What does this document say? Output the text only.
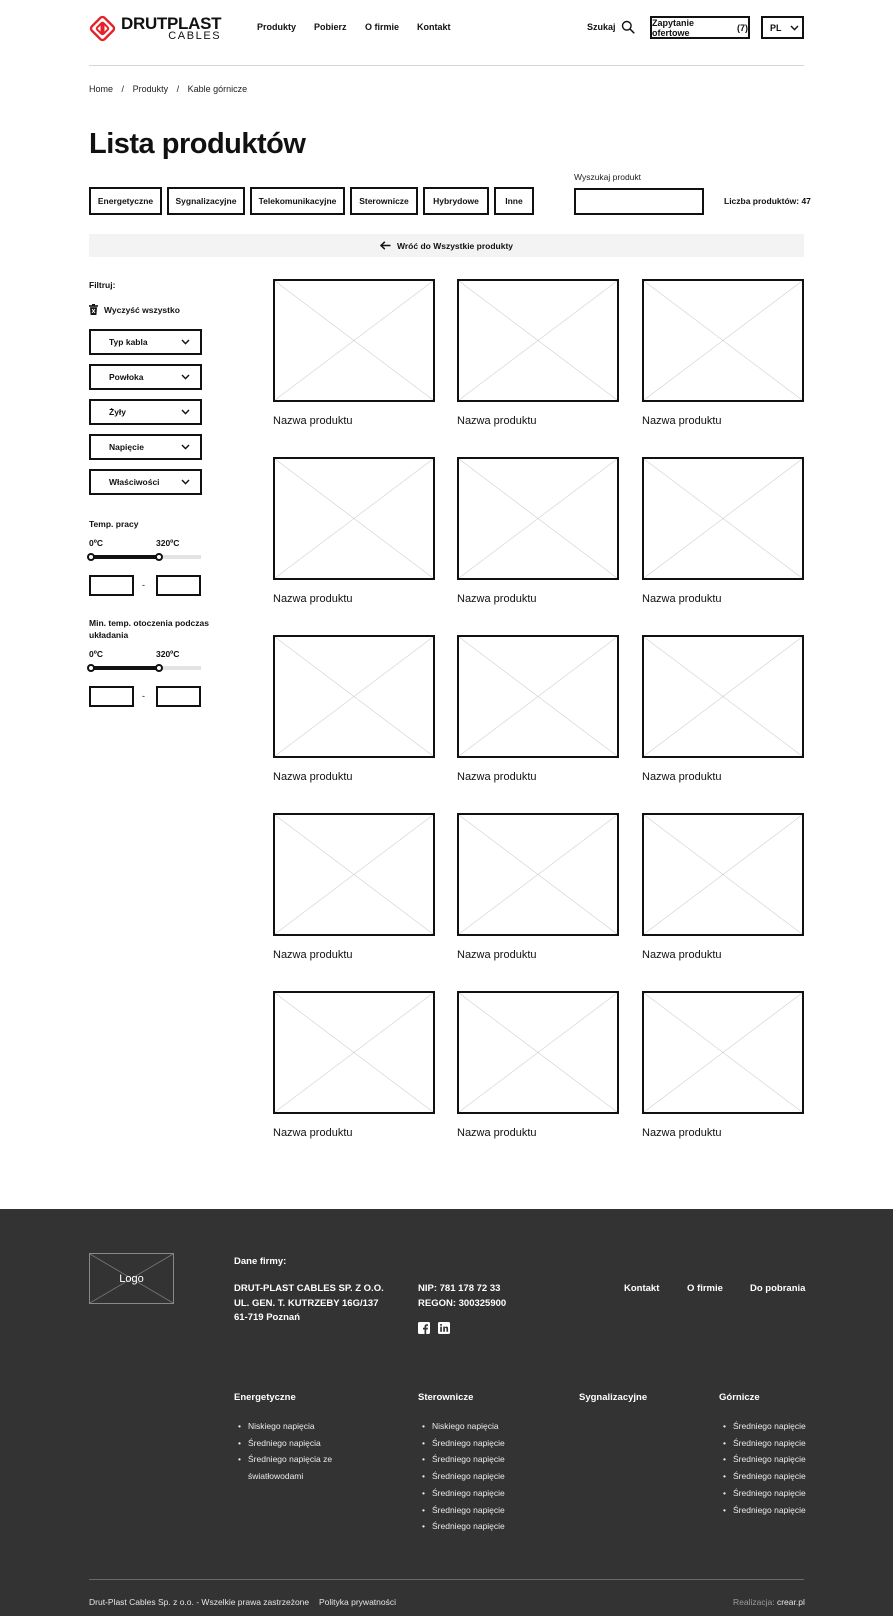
DRUTPLAST
CABLES
Produkty Pobierz O firmie Kontakt	Szukaj	Zapytanie ofertowe
	(7) PL
Home / Produkty / Kable górnicze
Lista produktów
Energetyczne	Sygnalizacyjne	Telekomunikacyjne	Sterownicze	Hybrydowe	Inne
Wyszukaj produkt
Liczba produktów: 47
Wróć do Wszystkie produkty
Filtruj:
Wyczyść wszystko
Typ kabla
Powłoka
Żyły
Napięcie
Właściwości
Temp. pracy
0ºC	320ºC
-
Min. temp. otoczenia podczas układania
0ºC	320ºC
-
Nazwa produktu	Nazwa produktu	Nazwa produktu
Nazwa produktu	Nazwa produktu	Nazwa produktu
Nazwa produktu	Nazwa produktu	Nazwa produktu
Nazwa produktu	Nazwa produktu	Nazwa produktu
Nazwa produktu	Nazwa produktu	Nazwa produktu
Logo
Dane firmy:
DRUT-PLAST CABLES SP. Z O.O.
UL. GEN. T. KUTRZEBY 16G/137
61-719 Poznań
NIP: 781 178 72 33
REGON: 300325900
Kontakt	O firmie	Do pobrania
Energetyczne
• Niskiego napięcia
• Średniego napięcia
• Średniego napięcia ze światłowodami
Sterownicze
• Niskiego napięcia
• Średniego napięcie
• Średniego napięcie
• Średniego napięcie
• Średniego napięcie
• Średniego napięcie
• Średniego napięcie
Sygnalizacyjne	Górnicze
• Średniego napięcie
• Średniego napięcie
• Średniego napięcie
• Średniego napięcie
• Średniego napięcie
• Średniego napięcie
Drut-Plast Cables Sp. z o.o. - Wszelkie prawa zastrzeżone Polityka prywatności	Realizacja: crear.pl
